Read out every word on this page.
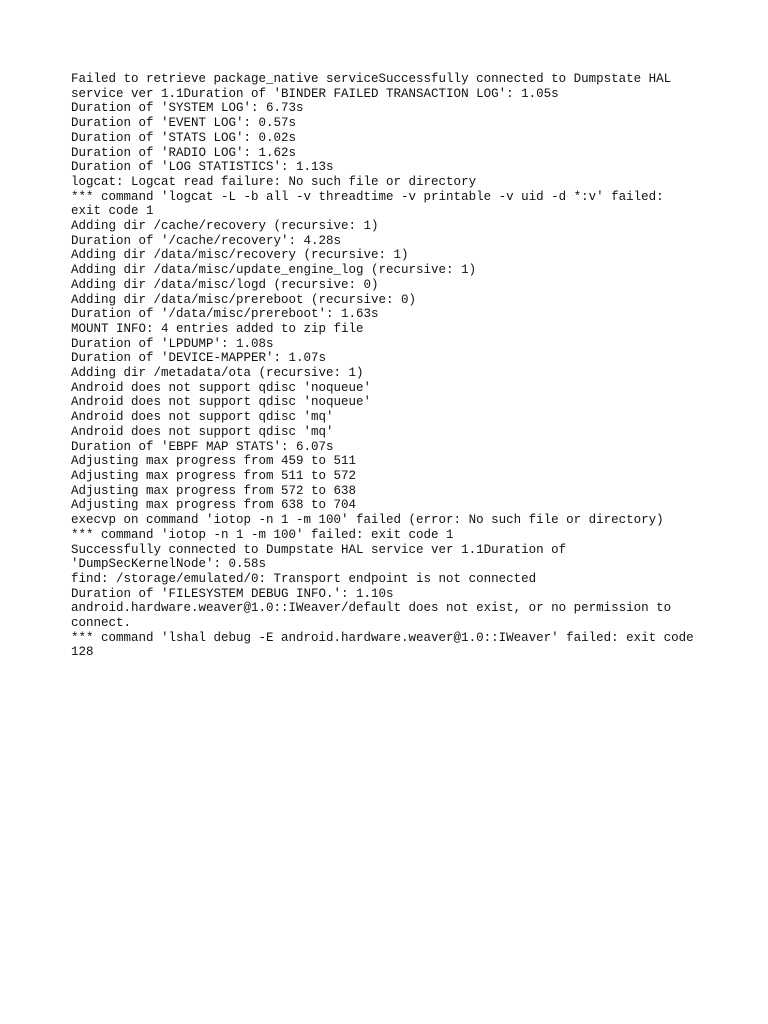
Failed to retrieve package_native serviceSuccessfully connected to Dumpstate HAL
service ver 1.1Duration of 'BINDER FAILED TRANSACTION LOG': 1.05s
Duration of 'SYSTEM LOG': 6.73s
Duration of 'EVENT LOG': 0.57s
Duration of 'STATS LOG': 0.02s
Duration of 'RADIO LOG': 1.62s
Duration of 'LOG STATISTICS': 1.13s
logcat: Logcat read failure: No such file or directory
*** command 'logcat -L -b all -v threadtime -v printable -v uid -d *:v' failed:
exit code 1
Adding dir /cache/recovery (recursive: 1)
Duration of '/cache/recovery': 4.28s
Adding dir /data/misc/recovery (recursive: 1)
Adding dir /data/misc/update_engine_log (recursive: 1)
Adding dir /data/misc/logd (recursive: 0)
Adding dir /data/misc/prereboot (recursive: 0)
Duration of '/data/misc/prereboot': 1.63s
MOUNT INFO: 4 entries added to zip file
Duration of 'LPDUMP': 1.08s
Duration of 'DEVICE-MAPPER': 1.07s
Adding dir /metadata/ota (recursive: 1)
Android does not support qdisc 'noqueue'
Android does not support qdisc 'noqueue'
Android does not support qdisc 'mq'
Android does not support qdisc 'mq'
Duration of 'EBPF MAP STATS': 6.07s
Adjusting max progress from 459 to 511
Adjusting max progress from 511 to 572
Adjusting max progress from 572 to 638
Adjusting max progress from 638 to 704
execvp on command 'iotop -n 1 -m 100' failed (error: No such file or directory)
*** command 'iotop -n 1 -m 100' failed: exit code 1
Successfully connected to Dumpstate HAL service ver 1.1Duration of
'DumpSecKernelNode': 0.58s
find: /storage/emulated/0: Transport endpoint is not connected
Duration of 'FILESYSTEM DEBUG INFO.': 1.10s
android.hardware.weaver@1.0::IWeaver/default does not exist, or no permission to
connect.
*** command 'lshal debug -E android.hardware.weaver@1.0::IWeaver' failed: exit code
128
